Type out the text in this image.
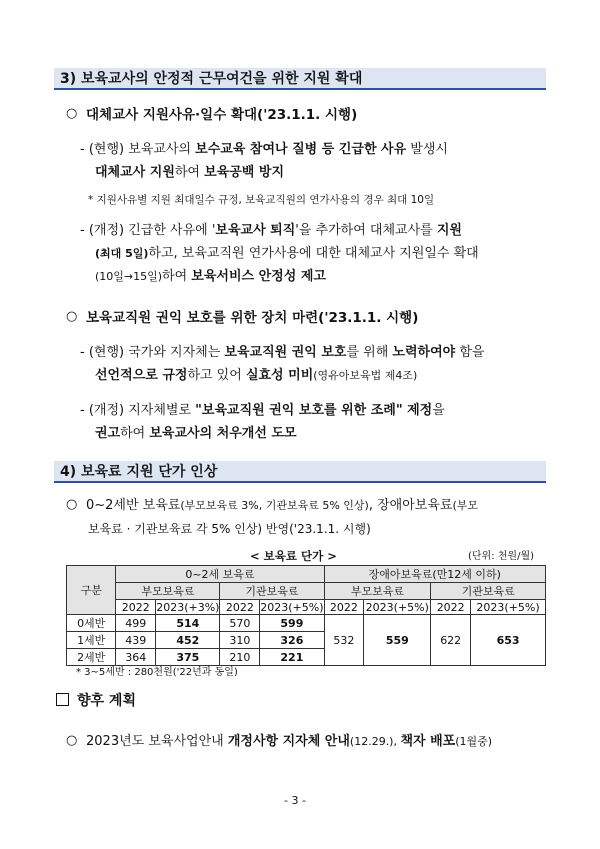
3) 보육교사의 안정적 근무여건을 위한 지원 확대
○ 대체교사 지원사유·일수 확대('23.1.1. 시행)
- (현행) 보육교사의 보수교육 참여나 질병 등 긴급한 사유 발생시
대체교사 지원하여 보육공백 방지
* 지원사유별 지원 최대일수 규정, 보육교직원의 연가사용의 경우 최대 10일
- (개정) 긴급한 사유에 '보육교사 퇴직'을 추가하여 대체교사를 지원
(최대 5일)하고, 보육교직원 연가사용에 대한 대체교사 지원일수 확대
(10일→15일)하여 보육서비스 안정성 제고
○ 보육교직원 권익 보호를 위한 장치 마련('23.1.1. 시행)
- (현행) 국가와 지자체는 보육교직원 권익 보호를 위해 노력하여야 함을
선언적으로 규정하고 있어 실효성 미비(영유아보육법 제4조)
- (개정) 지자체별로 "보육교직원 권익 보호를 위한 조례" 제정을
권고하여 보육교사의 처우개선 도모
4) 보육료 지원 단가 인상
○ 0~2세반 보육료(부모보육료 3%, 기관보육료 5% 인상), 장애아보육료(부모
보육료 · 기관보육료 각 5% 인상) 반영('23.1.1. 시행)
< 보육료 단가 >	(단위: 천원/월)
구분	0~2세 보육료				장애아보육료(만12세 이하)			
	부모보육료		기관보육료		부모보육료		기관보육료	
	2022	2023(+3%)	2022	2023(+5%)	2022	2023(+5%)	2022	2023(+5%)
0세반	499	514	570	599	532	559	622	653
1세반	439	452	310	326				
2세반	364	375	210	221				
* 3~5세반 : 280천원('22년과 동일)
향후 계획
○ 2023년도 보육사업안내 개정사항 지자체 안내(12.29.), 책자 배포(1월중)
- 3 -
